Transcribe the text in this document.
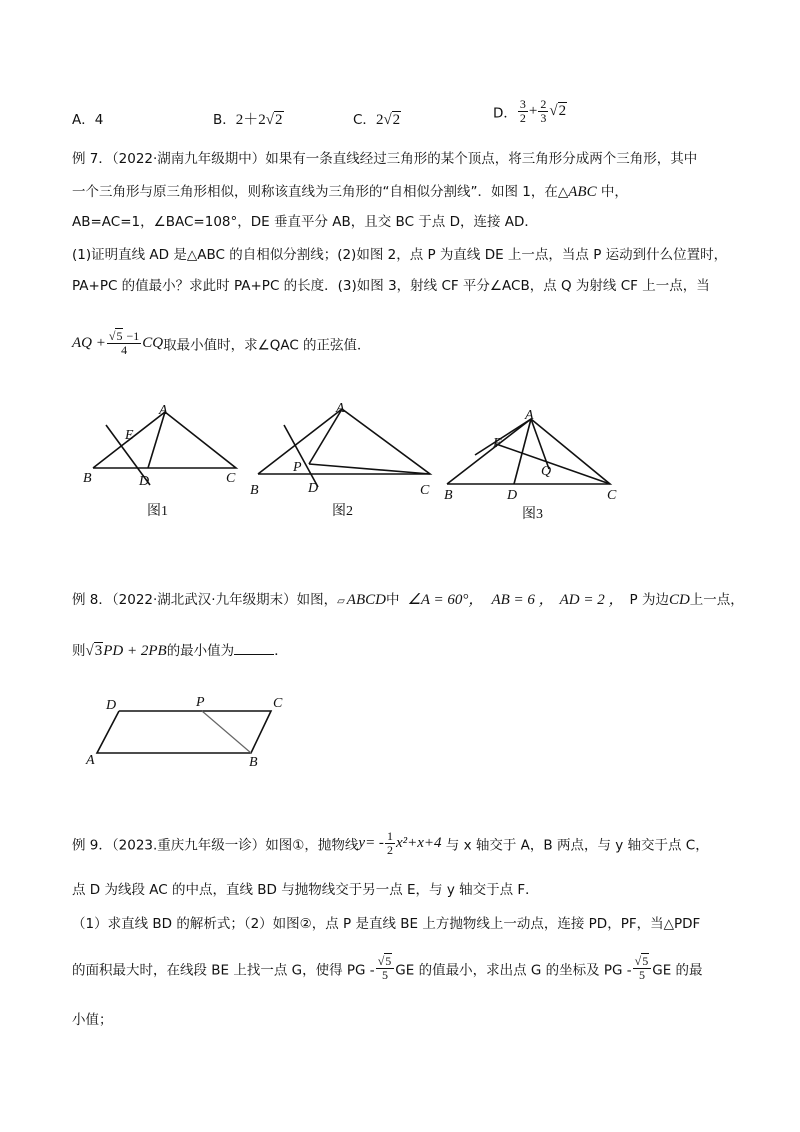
A．4	B．2＋2√2	C．2√2	D． $\frac{3}{2} + \frac{2}{3} √2$
例 7．（2022·湖南九年级期中）如果有一条直线经过三角形的某个顶点，将三角形分成两个三角形，其中
一个三角形与原三角形相似，则称该直线为三角形的“自相似分割线”．如图 1，在△ABC 中，
AB=AC=1，∠BAC=108°，DE 垂直平分 AB，且交 BC 于点 D，连接 AD．
(1)证明直线 AD 是△ABC 的自相似分割线；(2)如图 2，点 P 为直线 DE 上一点，当点 P 运动到什么位置时，
PA+PC 的值最小？求此时 PA+PC 的长度．(3)如图 3，射线 CF 平分∠ACB，点 Q 为射线 CF 上一点，当
AQ + $\frac{√5 -1}{4}$ CQ取最小值时，求∠QAC 的正弦值．
A
B	C
D
E
图1
A
B	C
D
P
图2
A
B	C
D
F
Q
图3
例 8．（2022·湖北武汉·九年级期末）如图，▱ ABCD中 ∠A = 60°， AB = 6 ， AD = 2 ， P 为边CD上一点，
则√3PD + 2PB的最小值为	．
D	P	C
A	B
例 9．（2023.重庆九年级一诊）如图①，抛物线$y= - \frac{1}{2} x^2+x+4$ 与 x 轴交于 A，B 两点，与 y 轴交于点 C，
点 D 为线段 AC 的中点，直线 BD 与抛物线交于另一点 E，与 y 轴交于点 F．
（1）求直线 BD 的解析式；（2）如图②，点 P 是直线 BE 上方抛物线上一动点，连接 PD，PF，当△PDF
的面积最大时，在线段 BE 上找一点 G，使得 PG - $\frac{√5}{5}$ GE 的值最小，求出点 G 的坐标及 PG - $\frac{√5}{5}$ GE 的最
小值；
